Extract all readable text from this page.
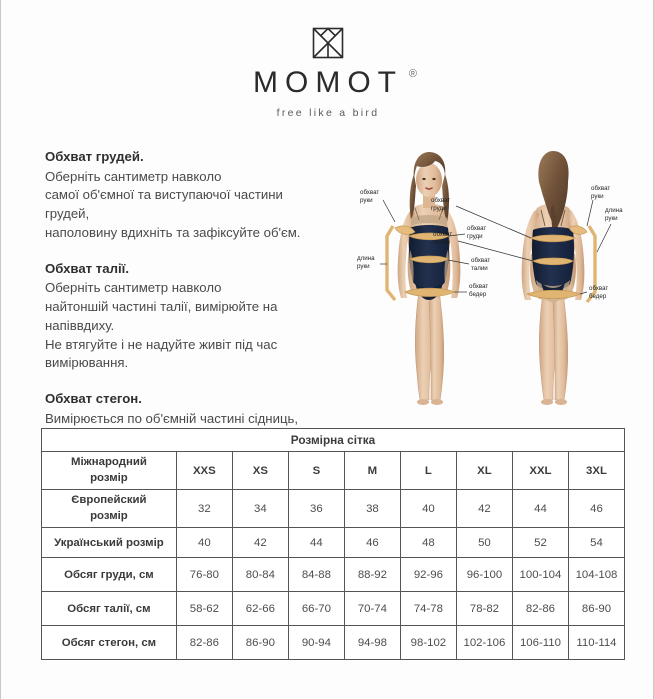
MOMOT ®
free like a bird
Обхват грудей.
Оберніть сантиметр навколо
самої об'ємної та виступаючої частини
грудей,
наполовину вдихніть та зафіксуйте об'єм.
Обхват талії.
Оберніть сантиметр навколо
найтоншій частині талії, вимірюйте на
напіввдиху.
Не втягуйте і не надуйте живіт під час
вимірювання.
Обхват стегон.
Вимірюється по об'ємній частині сідниць,
обхват
руки
длина
руки
обхват
груди
обхват
талии
обхват
бедер
обхват
груди
обхват
талии
обхват
руки
длина
руки
обхват
бедер
Розмірна сітка								
Міжнародний
розмір	XXS	XS	S	M	L	XL	XXL	3XL
Європейский
розмір	32	34	36	38	40	42	44	46
Український розмір	40	42	44	46	48	50	52	54
Обсяг груди, см	76-80	80-84	84-88	88-92	92-96	96-100	100-104	104-108
Обсяг талії, см	58-62	62-66	66-70	70-74	74-78	78-82	82-86	86-90
Обсяг стегон, см	82-86	86-90	90-94	94-98	98-102	102-106	106-110	110-114
